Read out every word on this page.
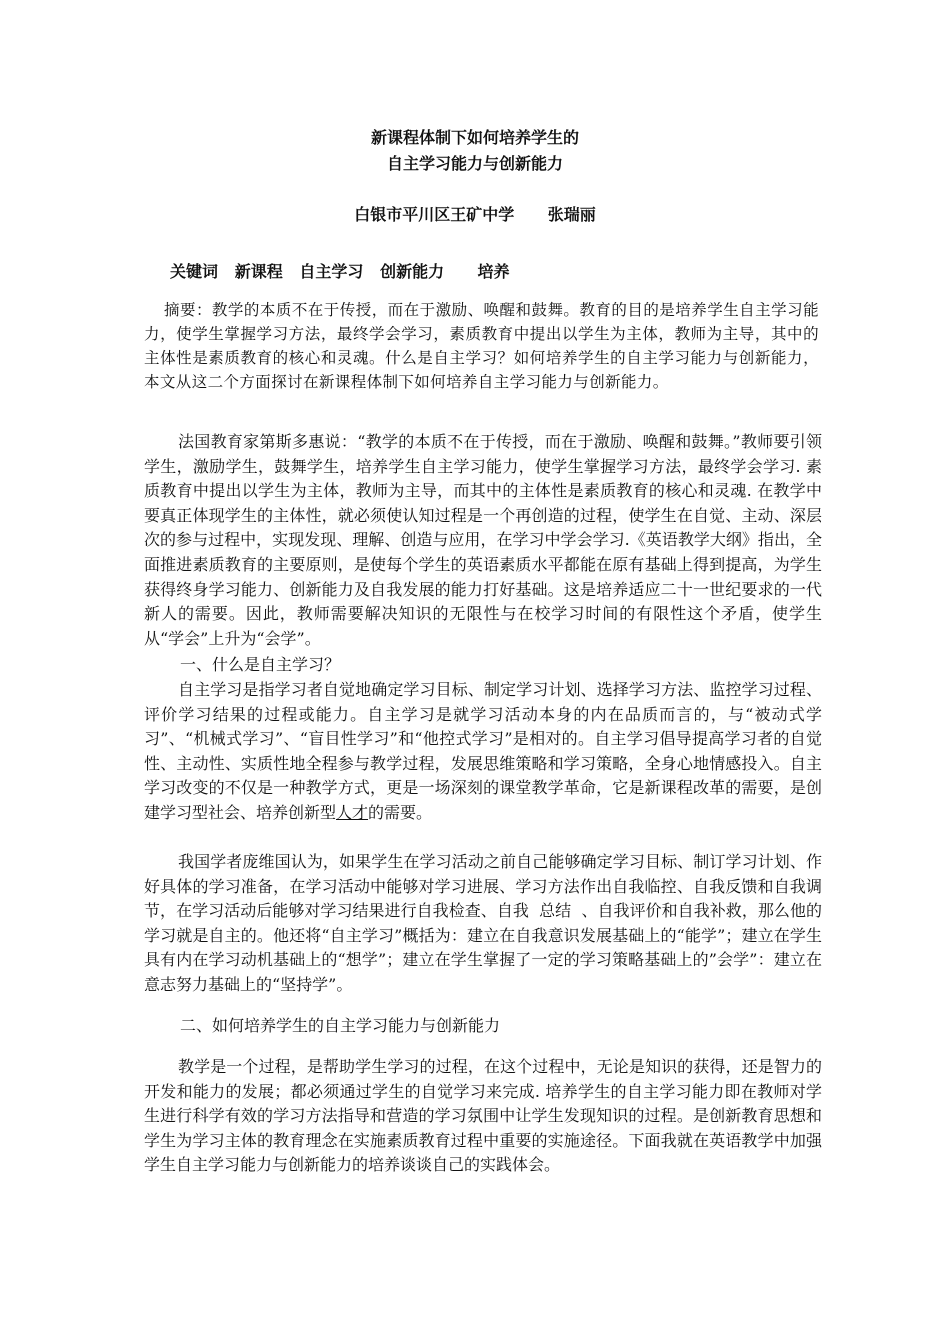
新课程体制下如何培养学生的
自主学习能力与创新能力
白银市平川区王矿中学      张瑞丽
关键词   新课程   自主学习   创新能力      培养
摘要：教学的本质不在于传授，而在于激励、唤醒和鼓舞。教育的目的是培养学生自主学习能力，使学生掌握学习方法，最终学会学习，素质教育中提出以学生为主体，教师为主导，其中的主体性是素质教育的核心和灵魂。什么是自主学习？如何培养学生的自主学习能力与创新能力，本文从这二个方面探讨在新课程体制下如何培养自主学习能力与创新能力。
法国教育家第斯多惠说：“教学的本质不在于传授，而在于激励、唤醒和鼓舞。”教师要引领学生，激励学生，鼓舞学生，培养学生自主学习能力，使学生掌握学习方法，最终学会学习. 素质教育中提出以学生为主体，教师为主导，而其中的主体性是素质教育的核心和灵魂. 在教学中要真正体现学生的主体性，就必须使认知过程是一个再创造的过程，使学生在自觉、主动、深层次的参与过程中，实现发现、理解、创造与应用，在学习中学会学习.《英语教学大纲》指出，全面推进素质教育的主要原则，是使每个学生的英语素质水平都能在原有基础上得到提高，为学生获得终身学习能力、创新能力及自我发展的能力打好基础。这是培养适应二十一世纪要求的一代新人的需要。因此，教师需要解决知识的无限性与在校学习时间的有限性这个矛盾，使学生从“学会”上升为“会学”。
一、什么是自主学习？
自主学习是指学习者自觉地确定学习目标、制定学习计划、选择学习方法、监控学习过程、评价学习结果的过程或能力。自主学习是就学习活动本身的内在品质而言的，与“被动式学习”、“机械式学习”、“盲目性学习”和“他控式学习”是相对的。自主学习倡导提高学习者的自觉性、主动性、实质性地全程参与教学过程，发展思维策略和学习策略，全身心地情感投入。自主学习改变的不仅是一种教学方式，更是一场深刻的课堂教学革命，它是新课程改革的需要，是创建学习型社会、培养创新型人才的需要。
我国学者庞维国认为，如果学生在学习活动之前自己能够确定学习目标、制订学习计划、作好具体的学习准备，在学习活动中能够对学习进展、学习方法作出自我临控、自我反馈和自我调节，在学习活动后能够对学习结果进行自我检查、自我  总结  、自我评价和自我补救，那么他的学习就是自主的。他还将“自主学习”概括为：建立在自我意识发展基础上的“能学”；建立在学生具有内在学习动机基础上的“想学”；建立在学生掌握了一定的学习策略基础上的”会学”：建立在意志努力基础上的“坚持学”。
二、如何培养学生的自主学习能力与创新能力
教学是一个过程，是帮助学生学习的过程，在这个过程中，无论是知识的获得，还是智力的开发和能力的发展；都必须通过学生的自觉学习来完成. 培养学生的自主学习能力即在教师对学生进行科学有效的学习方法指导和营造的学习氛围中让学生发现知识的过程。是创新教育思想和学生为学习主体的教育理念在实施素质教育过程中重要的实施途径。下面我就在英语教学中加强学生自主学习能力与创新能力的培养谈谈自己的实践体会。
